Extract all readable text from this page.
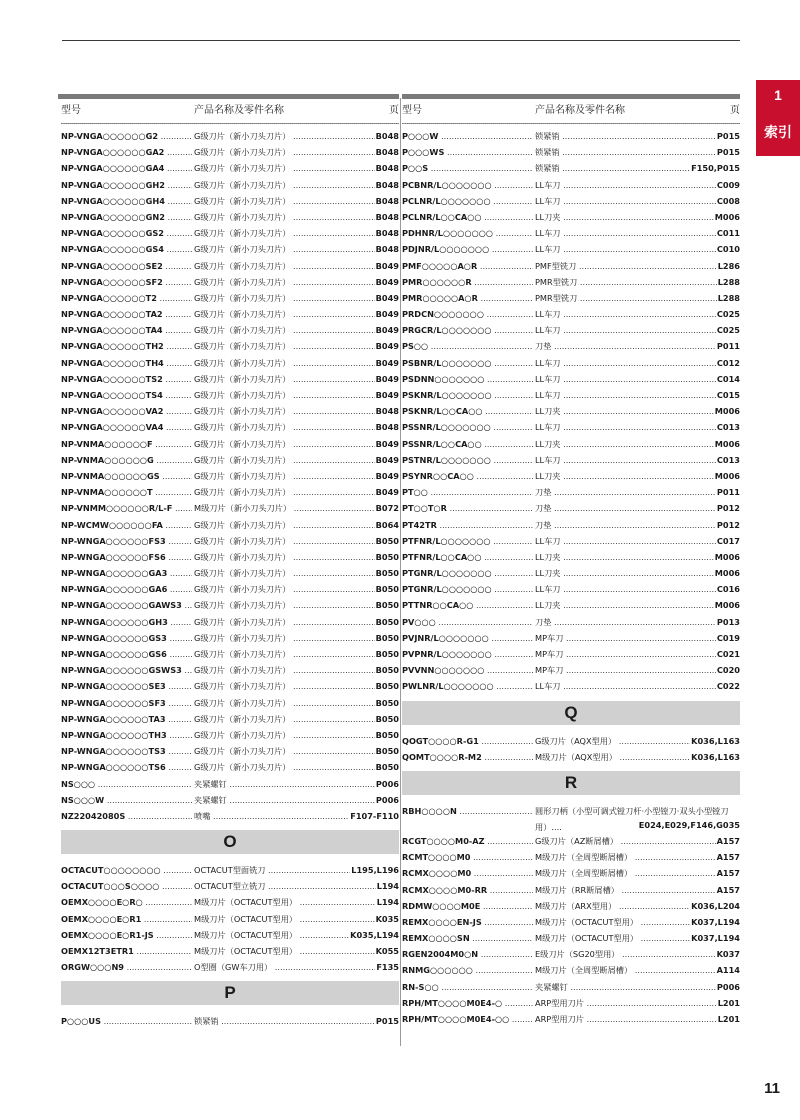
1
索引
型号	产品名称及零件名称	页
NP-VNGA○○○○○○G2 .....	G级刀片（新小刀头刀片） .....	B048
NP-VNGA○○○○○○GA2 .....	G级刀片（新小刀头刀片） .....	B048
NP-VNGA○○○○○○GA4 .....	G级刀片（新小刀头刀片） .....	B048
NP-VNGA○○○○○○GH2 .....	G级刀片（新小刀头刀片） .....	B048
NP-VNGA○○○○○○GH4 .....	G级刀片（新小刀头刀片） .....	B048
NP-VNGA○○○○○○GN2 .....	G级刀片（新小刀头刀片） .....	B048
NP-VNGA○○○○○○GS2 .....	G级刀片（新小刀头刀片） .....	B048
NP-VNGA○○○○○○GS4 .....	G级刀片（新小刀头刀片） .....	B048
NP-VNGA○○○○○○SE2 .....	G级刀片（新小刀头刀片） .....	B049
NP-VNGA○○○○○○SF2 .....	G级刀片（新小刀头刀片） .....	B049
NP-VNGA○○○○○○T2 .....	G级刀片（新小刀头刀片） .....	B049
NP-VNGA○○○○○○TA2 .....	G级刀片（新小刀头刀片） .....	B049
NP-VNGA○○○○○○TA4 .....	G级刀片（新小刀头刀片） .....	B049
NP-VNGA○○○○○○TH2 .....	G级刀片（新小刀头刀片） .....	B049
NP-VNGA○○○○○○TH4 .....	G级刀片（新小刀头刀片） .....	B049
NP-VNGA○○○○○○TS2 .....	G级刀片（新小刀头刀片） .....	B049
NP-VNGA○○○○○○TS4 .....	G级刀片（新小刀头刀片） .....	B049
NP-VNGA○○○○○○VA2 .....	G级刀片（新小刀头刀片） .....	B048
NP-VNGA○○○○○○VA4 .....	G级刀片（新小刀头刀片） .....	B048
NP-VNMA○○○○○○F .....	G级刀片（新小刀头刀片） .....	B049
NP-VNMA○○○○○○G .....	G级刀片（新小刀头刀片） .....	B049
NP-VNMA○○○○○○GS .....	G级刀片（新小刀头刀片） .....	B049
NP-VNMA○○○○○○T .....	G级刀片（新小刀头刀片） .....	B049
NP-VNMM○○○○○○R/L-F .....	M级刀片（新小刀头刀片） .....	B072
NP-WCMW○○○○○○FA .....	G级刀片（新小刀头刀片） .....	B064
NP-WNGA○○○○○○FS3 .....	G级刀片（新小刀头刀片） .....	B050
NP-WNGA○○○○○○FS6 .....	G级刀片（新小刀头刀片） .....	B050
NP-WNGA○○○○○○GA3 .....	G级刀片（新小刀头刀片） .....	B050
NP-WNGA○○○○○○GA6 .....	G级刀片（新小刀头刀片） .....	B050
NP-WNGA○○○○○○GAWS3 .....	G级刀片（新小刀头刀片） .....	B050
NP-WNGA○○○○○○GH3 .....	G级刀片（新小刀头刀片） .....	B050
NP-WNGA○○○○○○GS3 .....	G级刀片（新小刀头刀片） .....	B050
NP-WNGA○○○○○○GS6 .....	G级刀片（新小刀头刀片） .....	B050
NP-WNGA○○○○○○GSWS3 .....	G级刀片（新小刀头刀片） .....	B050
NP-WNGA○○○○○○SE3 .....	G级刀片（新小刀头刀片） .....	B050
NP-WNGA○○○○○○SF3 .....	G级刀片（新小刀头刀片） .....	B050
NP-WNGA○○○○○○TA3 .....	G级刀片（新小刀头刀片） .....	B050
NP-WNGA○○○○○○TH3 .....	G级刀片（新小刀头刀片） .....	B050
NP-WNGA○○○○○○TS3 .....	G级刀片（新小刀头刀片） .....	B050
NP-WNGA○○○○○○TS6 .....	G级刀片（新小刀头刀片） .....	B050
NS○○○ .....	夹紧螺钉 .....	P006
NS○○○W .....	夹紧螺钉 .....	P006
NZ22042080S .....	喷嘴 .....	F107-F110
O
OCTACUT○○○○○○○○ .....	OCTACUT型面铣刀 .....	L195,L196
OCTACUT○○○S○○○○ .....	OCTACUT型立铣刀 .....	L194
OEMX○○○○E○R○ .....	M级刀片（OCTACUT型用） .....	L194
OEMX○○○○E○R1 .....	M级刀片（OCTACUT型用） .....	K035
OEMX○○○○E○R1-JS .....	M级刀片（OCTACUT型用） .....	K035,L194
OEMX12T3ETR1 .....	M级刀片（OCTACUT型用） .....	K055
ORGW○○○N9 .....	O型圈（GW车刀用） .....	F135
P
P○○○US .....	锁紧销 .....	P015
型号	产品名称及零件名称	页
P○○○W .....	锁紧销 .....	P015
P○○○WS .....	锁紧销 .....	P015
P○○S .....	锁紧销 .....	F150,P015
PCBNR/L○○○○○○○ .....	LL车刀 .....	C009
PCLNR/L○○○○○○○ .....	LL车刀 .....	C008
PCLNR/L○○CA○○ .....	LL刀夹 .....	M006
PDHNR/L○○○○○○○ .....	LL车刀 .....	C011
PDJNR/L○○○○○○○ .....	LL车刀 .....	C010
PMF○○○○○A○R .....	PMF型铣刀 .....	L286
PMR○○○○○○R .....	PMR型铣刀 .....	L288
PMR○○○○○A○R .....	PMR型铣刀 .....	L288
PRDCN○○○○○○○ .....	LL车刀 .....	C025
PRGCR/L○○○○○○○ .....	LL车刀 .....	C025
PS○○ .....	刀垫 .....	P011
PSBNR/L○○○○○○○ .....	LL车刀 .....	C012
PSDNN○○○○○○○ .....	LL车刀 .....	C014
PSKNR/L○○○○○○○ .....	LL车刀 .....	C015
PSKNR/L○○CA○○ .....	LL刀夹 .....	M006
PSSNR/L○○○○○○○ .....	LL车刀 .....	C013
PSSNR/L○○CA○○ .....	LL刀夹 .....	M006
PSTNR/L○○○○○○○ .....	LL车刀 .....	C013
PSYNR○○CA○○ .....	LL刀夹 .....	M006
PT○○ .....	刀垫 .....	P011
PT○○T○R .....	刀垫 .....	P012
PT42TR .....	刀垫 .....	P012
PTFNR/L○○○○○○○ .....	LL车刀 .....	C017
PTFNR/L○○CA○○ .....	LL刀夹 .....	M006
PTGNR/L○○○○○○○ .....	LL刀夹 .....	M006
PTGNR/L○○○○○○○ .....	LL车刀 .....	C016
PTTNR○○CA○○ .....	LL刀夹 .....	M006
PV○○○ .....	刀垫 .....	P013
PVJNR/L○○○○○○○ .....	MP车刀 .....	C019
PVPNR/L○○○○○○○ .....	MP车刀 .....	C021
PVVNN○○○○○○○ .....	MP车刀 .....	C020
PWLNR/L○○○○○○○ .....	LL车刀 .....	C022
Q
QOGT○○○○R-G1 .....	G级刀片（AQX型用） .....	K036,L163
QOMT○○○○R-M2 .....	M级刀片（AQX型用） .....	K036,L163
R
RBH○○○○N .....	圆形刀柄（小型可调式镗刀杆·小型镗刀·双头小型镗刀用）....	E024,E029,F146,G035
RCGT○○○○M0-AZ .....	G级刀片（AZ断屑槽） .....	A157
RCMT○○○○M0 .....	M级刀片（全周型断屑槽） .....	A157
RCMX○○○○M0 .....	M级刀片（全周型断屑槽） .....	A157
RCMX○○○○M0-RR .....	M级刀片（RR断屑槽） .....	A157
RDMW○○○○M0E .....	M级刀片（ARX型用） .....	K036,L204
REMX○○○○EN-JS .....	M级刀片（OCTACUT型用） .....	K037,L194
REMX○○○○SN .....	M级刀片（OCTACUT型用） .....	K037,L194
RGEN2004M0○N .....	E级刀片（SG20型用） .....	K037
RNMG○○○○○○ .....	M级刀片（全周型断屑槽） .....	A114
RN-S○○ .....	夹紧螺钉 .....	P006
RPH/MT○○○○M0E4-○ .....	ARP型用刀片 .....	L201
RPH/MT○○○○M0E4-○○ .....	ARP型用刀片 .....	L201
11
